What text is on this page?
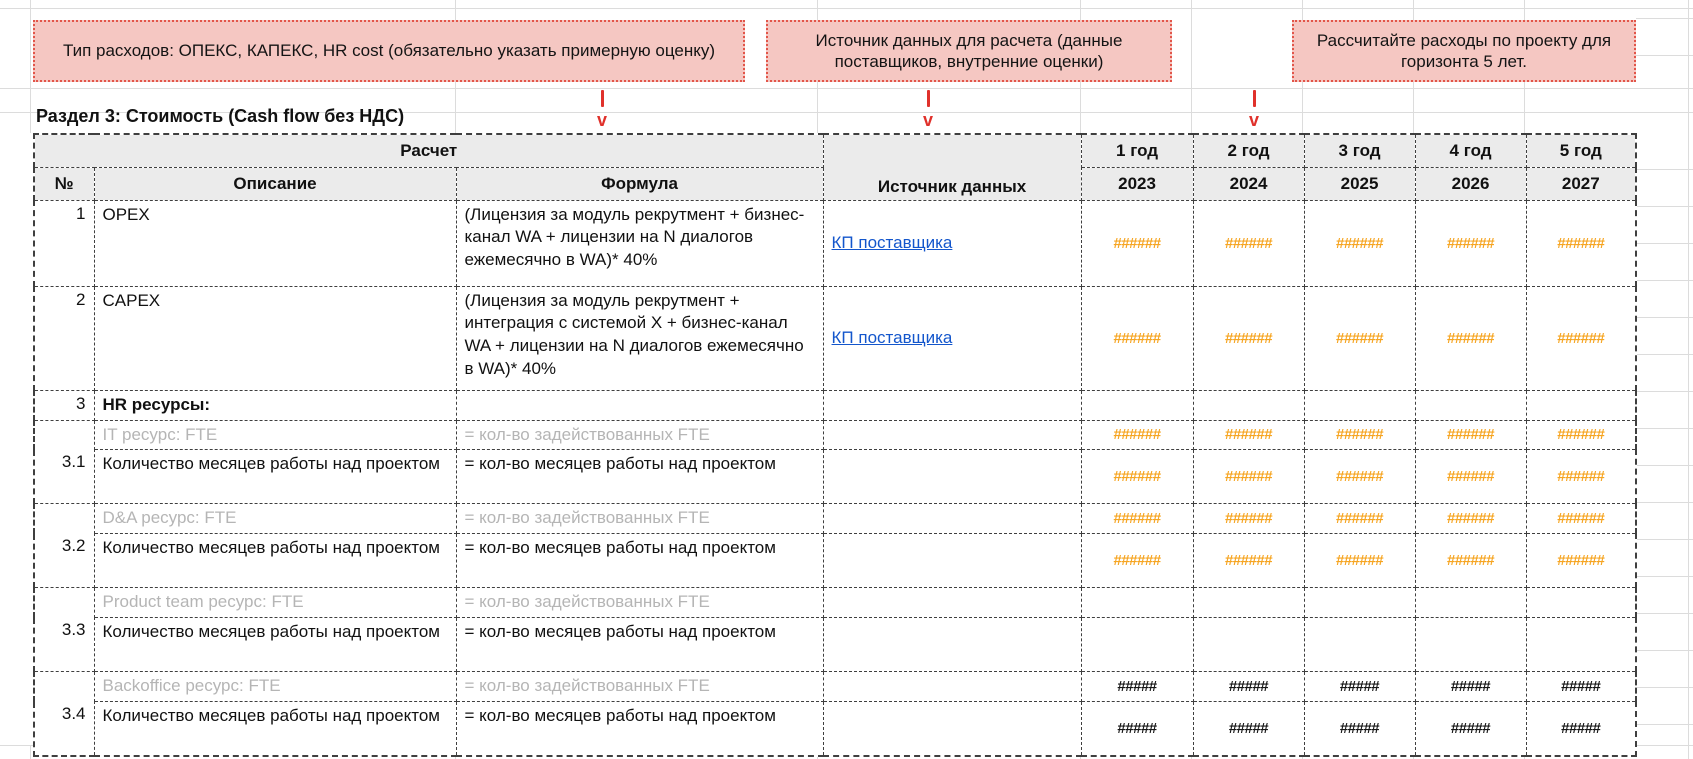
Тип расходов: ОПЕКС, КАПЕКС, HR cost (обязательно указать примерную оценку)
Источник данных для расчета (данные поставщиков, внутренние оценки)
Рассчитайте расходы по проекту для горизонта 5 лет.
v	v	v
Раздел 3: Стоимость (Cash flow без НДС)
Расчет			Источник данных	1 год	2 год	3 год	4 год	5 год
№	Описание	Формула		2023	2024	2025	2026	2027
1	OPEX	(Лицензия за модуль рекрутмент + бизнес-канал WA + лицензии на N диалогов ежемесячно в WA)* 40%	КП поставщика	######	######	######	######	######
2	CAPEX	(Лицензия за модуль рекрутмент + интеграция с системой X + бизнес-канал WA + лицензии на N диалогов ежемесячно в WA)* 40%	КП поставщика	######	######	######	######	######
3	HR ресурсы:							
3.1	IT ресурс: FTE	= кол-во задействованных FTE		######	######	######	######	######
	Количество месяцев работы над проектом	= кол-во месяцев работы над проектом		######	######	######	######	######
3.2	D&A ресурс: FTE	= кол-во задействованных FTE		######	######	######	######	######
	Количество месяцев работы над проектом	= кол-во месяцев работы над проектом		######	######	######	######	######
3.3	Product team ресурс: FTE	= кол-во задействованных FTE						
	Количество месяцев работы над проектом	= кол-во месяцев работы над проектом						
3.4	Backoffice ресурс: FTE	= кол-во задействованных FTE		#####	#####	#####	#####	#####
	Количество месяцев работы над проектом	= кол-во месяцев работы над проектом		#####	#####	#####	#####	#####
